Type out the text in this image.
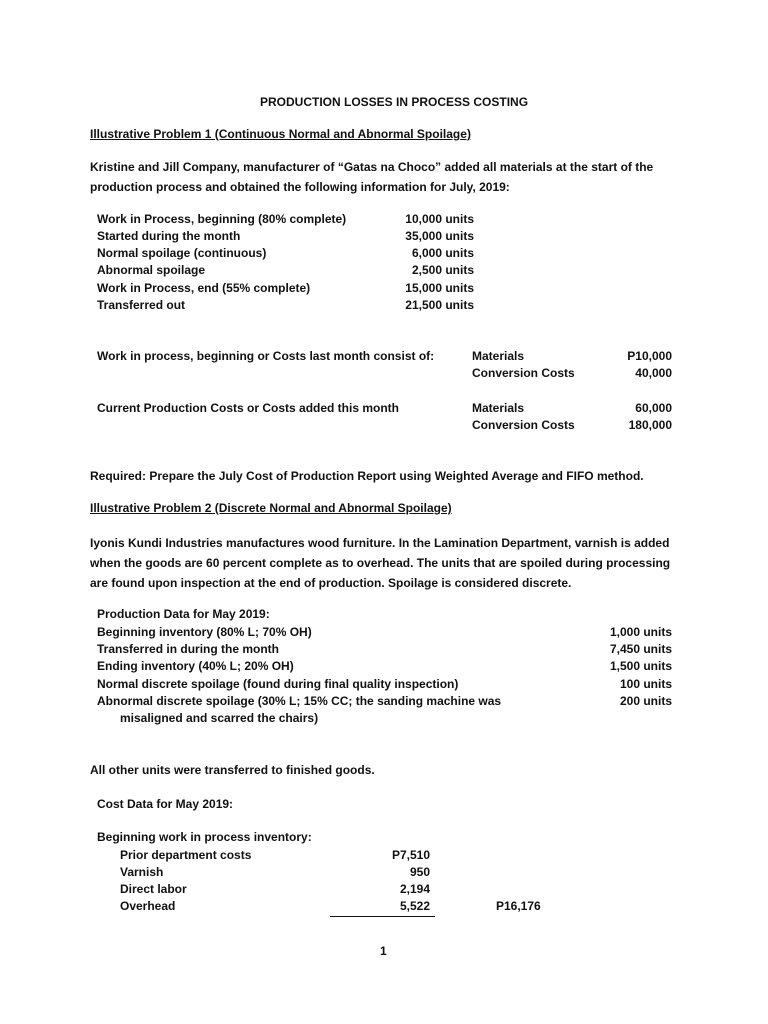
PRODUCTION LOSSES IN PROCESS COSTING
Illustrative Problem 1 (Continuous Normal and Abnormal Spoilage)
Kristine and Jill Company, manufacturer of “Gatas na Choco” added all materials at the start of the production process and obtained the following information for July, 2019:
Work in Process, beginning (80% complete)	10,000 units
Started during the month	35,000 units
Normal spoilage (continuous)	6,000 units
Abnormal spoilage	2,500 units
Work in Process, end (55% complete)	15,000 units
Transferred out	21,500 units
Work in process, beginning or Costs last month consist of:	Materials	P10,000
Conversion Costs	40,000
Current Production Costs or Costs added this month	Materials	60,000
Conversion Costs	180,000
Required: Prepare the July Cost of Production Report using Weighted Average and FIFO method.
Illustrative Problem 2 (Discrete Normal and Abnormal Spoilage)
Iyonis Kundi Industries manufactures wood furniture. In the Lamination Department, varnish is added when the goods are 60 percent complete as to overhead. The units that are spoiled during processing are found upon inspection at the end of production. Spoilage is considered discrete.
Production Data for May 2019:
Beginning inventory (80% L; 70% OH)	1,000 units
Transferred in during the month	7,450 units
Ending inventory (40% L; 20% OH)	1,500 units
Normal discrete spoilage (found during final quality inspection)	100 units
Abnormal discrete spoilage (30% L; 15% CC; the sanding machine was	200 units
misaligned and scarred the chairs)
All other units were transferred to finished goods.
Cost Data for May 2019:
Beginning work in process inventory:
Prior department costs	P7,510
Varnish	950
Direct labor	2,194
Overhead	5,522	P16,176
1
